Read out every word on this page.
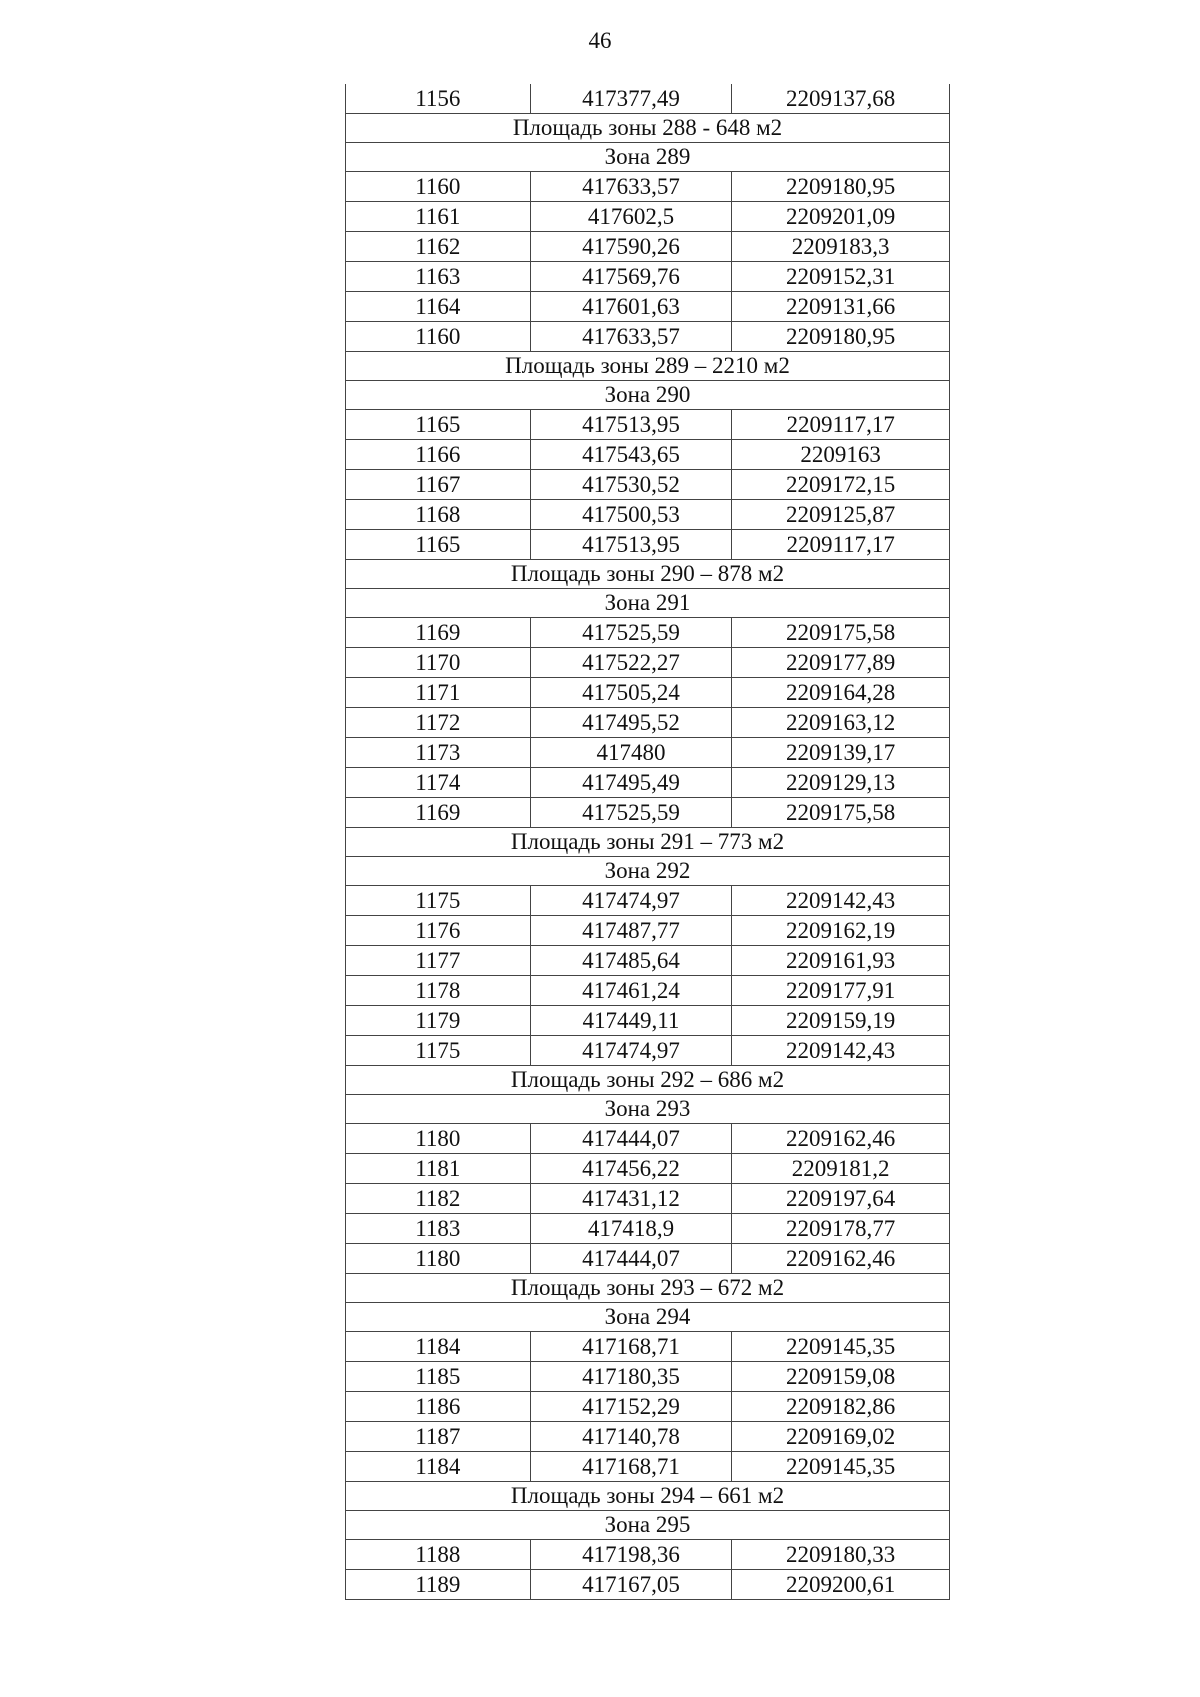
46
1156	417377,49	2209137,68
Площадь зоны 288 - 648 м2		
Зона 289		
1160	417633,57	2209180,95
1161	417602,5	2209201,09
1162	417590,26	2209183,3
1163	417569,76	2209152,31
1164	417601,63	2209131,66
1160	417633,57	2209180,95
Площадь зоны 289 – 2210 м2		
Зона 290		
1165	417513,95	2209117,17
1166	417543,65	2209163
1167	417530,52	2209172,15
1168	417500,53	2209125,87
1165	417513,95	2209117,17
Площадь зоны 290 – 878 м2		
Зона 291		
1169	417525,59	2209175,58
1170	417522,27	2209177,89
1171	417505,24	2209164,28
1172	417495,52	2209163,12
1173	417480	2209139,17
1174	417495,49	2209129,13
1169	417525,59	2209175,58
Площадь зоны 291 – 773 м2		
Зона 292		
1175	417474,97	2209142,43
1176	417487,77	2209162,19
1177	417485,64	2209161,93
1178	417461,24	2209177,91
1179	417449,11	2209159,19
1175	417474,97	2209142,43
Площадь зоны 292 – 686 м2		
Зона 293		
1180	417444,07	2209162,46
1181	417456,22	2209181,2
1182	417431,12	2209197,64
1183	417418,9	2209178,77
1180	417444,07	2209162,46
Площадь зоны 293 – 672 м2		
Зона 294		
1184	417168,71	2209145,35
1185	417180,35	2209159,08
1186	417152,29	2209182,86
1187	417140,78	2209169,02
1184	417168,71	2209145,35
Площадь зоны 294 – 661 м2		
Зона 295		
1188	417198,36	2209180,33
1189	417167,05	2209200,61
